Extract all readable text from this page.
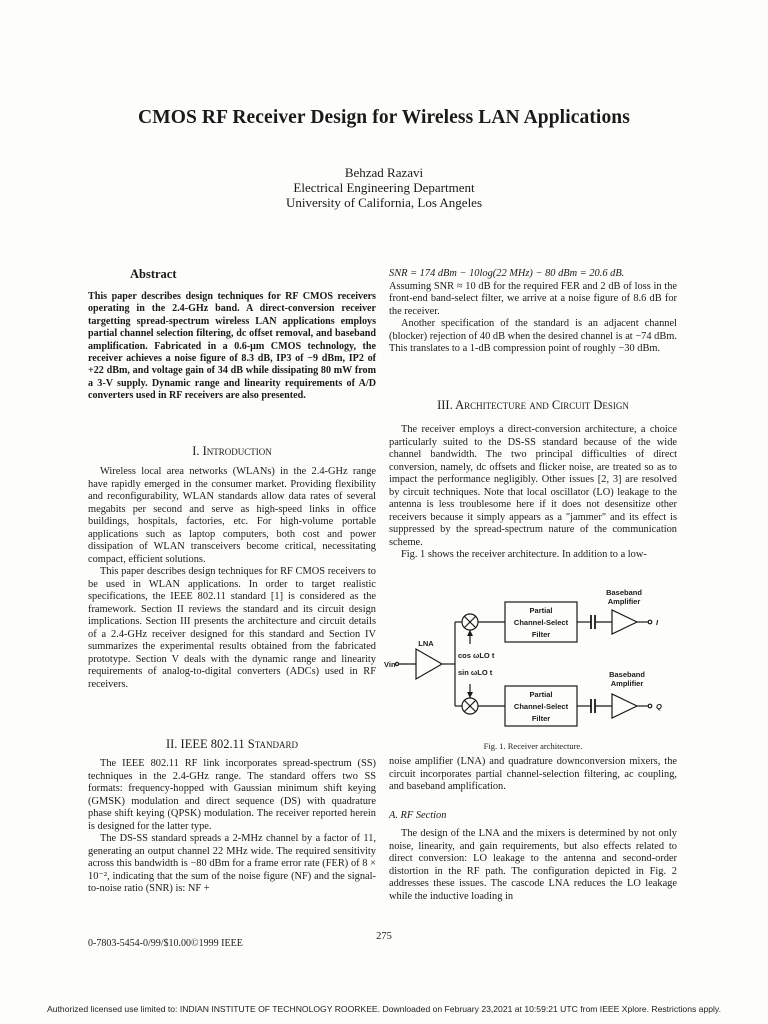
CMOS RF Receiver Design for Wireless LAN Applications
Behzad Razavi
Electrical Engineering Department
University of California, Los Angeles
Abstract
This paper describes design techniques for RF CMOS receivers operating in the 2.4-GHz band. A direct-conversion receiver targetting spread-spectrum wireless LAN applications employs partial channel selection filtering, dc offset removal, and baseband amplification. Fabricated in a 0.6-μm CMOS technology, the receiver achieves a noise figure of 8.3 dB, IP3 of −9 dBm, IP2 of +22 dBm, and voltage gain of 34 dB while dissipating 80 mW from a 3-V supply. Dynamic range and linearity requirements of A/D converters used in RF receivers are also presented.
I. Introduction

Wireless local area networks (WLANs) in the 2.4-GHz range have rapidly emerged in the consumer market. Providing flexibility and reconfigurability, WLAN standards allow data rates of several megabits per second and serve as high-speed links in office buildings, hospitals, factories, etc. For high-volume portable applications such as laptop computers, both cost and power dissipation of WLAN transceivers become critical, necessitating compact, efficient solutions.

This paper describes design techniques for RF CMOS receivers to be used in WLAN applications. In order to target realistic specifications, the IEEE 802.11 standard [1] is considered as the framework. Section II reviews the standard and its circuit design implications. Section III presents the architecture and circuit details of a 2.4-GHz receiver designed for this standard and Section IV summarizes the experimental results obtained from the fabricated prototype. Section V deals with the dynamic range and linearity requirements of analog-to-digital converters (ADCs) used in RF receivers.

II. IEEE 802.11 Standard

The IEEE 802.11 RF link incorporates spread-spectrum (SS) techniques in the 2.4-GHz range. The standard offers two SS formats: frequency-hopped with Gaussian minimum shift keying (GMSK) modulation and direct sequence (DS) with quadrature phase shift keying (QPSK) modulation. The receiver reported herein is designed for the latter type.

The DS-SS standard spreads a 2-MHz channel by a factor of 11, generating an output channel 22 MHz wide. The required sensitivity across this bandwidth is −80 dBm for a frame error rate (FER) of 8 × 10⁻², indicating that the sum of the noise figure (NF) and the signal-to-noise ratio (SNR) is: NF +

SNR = 174 dBm − 10log(22 MHz) − 80 dBm = 20.6 dB.

Assuming SNR ≈ 10 dB for the required FER and 2 dB of loss in the front-end band-select filter, we arrive at a noise figure of 8.6 dB for the receiver.

Another specification of the standard is an adjacent channel (blocker) rejection of 40 dB when the desired channel is at −74 dBm. This translates to a 1-dB compression point of roughly −30 dBm.

III. Architecture and Circuit Design

The receiver employs a direct-conversion architecture, a choice particularly suited to the DS-SS standard because of the wide channel bandwidth. The two principal difficulties of direct conversion, namely, dc offsets and flicker noise, are treated so as to impact the performance negligibly. Other issues [2, 3] are resolved by circuit techniques. Note that local oscillator (LO) leakage to the antenna is less troublesome here if it does not desensitize other receivers because it simply appears as a "jammer" and its effect is suppressed by the spread-spectrum nature of the communication scheme.

Fig. 1 shows the receiver architecture. In addition to a low-

Baseband
Amplifier
Partial
Channel-Select
Filter
LNA
Vin
cos ωLO t
sin ωLO t	Baseband
Amplifier
Partial
Channel-Select
Filter
I
Q
Fig. 1. Receiver architecture.

noise amplifier (LNA) and quadrature downconversion mixers, the circuit incorporates partial channel-selection filtering, ac coupling, and baseband amplification.

A. RF Section

The design of the LNA and the mixers is determined by not only noise, linearity, and gain requirements, but also effects related to direct conversion: LO leakage to the antenna and second-order distortion in the RF path. The configuration depicted in Fig. 2 addresses these issues. The cascode LNA reduces the LO leakage while the inductive loading in

275
0-7803-5454-0/99/$10.00©1999 IEEE
Authorized licensed use limited to: INDIAN INSTITUTE OF TECHNOLOGY ROORKEE. Downloaded on February 23,2021 at 10:59:21 UTC from IEEE Xplore. Restrictions apply.
